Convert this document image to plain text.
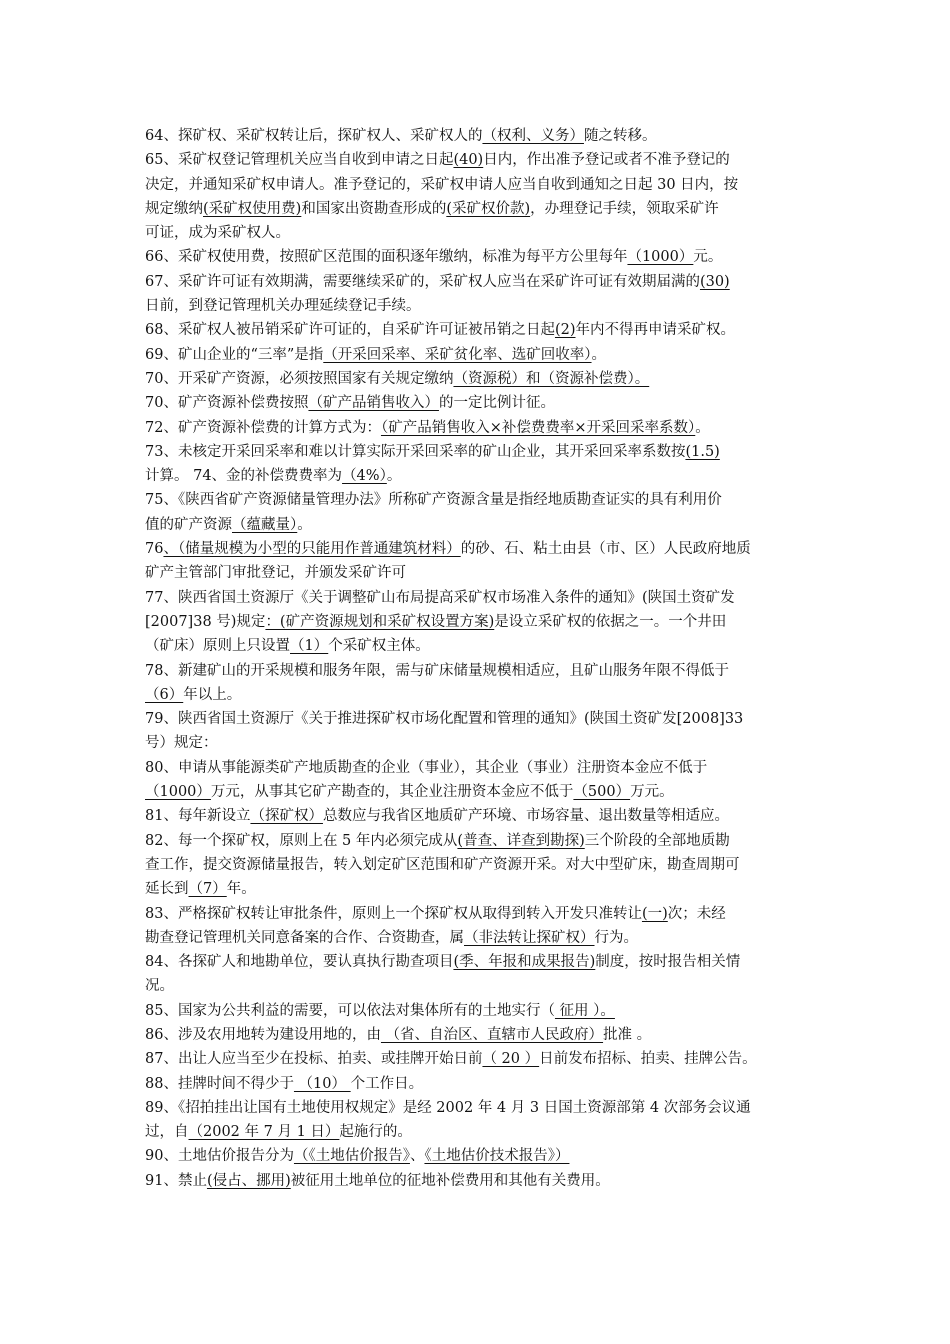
64、探矿权、采矿权转让后，探矿权人、采矿权人的（权利、义务）随之转移。
65、采矿权登记管理机关应当自收到申请之日起(40)日内，作出准予登记或者不准予登记的
决定，并通知采矿权申请人。准予登记的，采矿权申请人应当自收到通知之日起 30 日内，按
规定缴纳(采矿权使用费)和国家出资勘查形成的(采矿权价款)，办理登记手续，领取采矿许
可证，成为采矿权人。
66、采矿权使用费，按照矿区范围的面积逐年缴纳，标准为每平方公里每年（1000）元。
67、采矿许可证有效期满，需要继续采矿的，采矿权人应当在采矿许可证有效期届满的(30)
日前，到登记管理机关办理延续登记手续。
68、采矿权人被吊销采矿许可证的，自采矿许可证被吊销之日起(2)年内不得再申请采矿权。
69、矿山企业的“三率”是指（开采回采率、采矿贫化率、选矿回收率）。
70、开采矿产资源，必须按照国家有关规定缴纳（资源税）和（资源补偿费）。
70、矿产资源补偿费按照（矿产品销售收入）的一定比例计征。
72、矿产资源补偿费的计算方式为：（矿产品销售收入×补偿费费率×开采回采率系数）。
73、未核定开采回采率和难以计算实际开采回采率的矿山企业，其开采回采率系数按(1.5)
计算。 74、金的补偿费费率为（4%）。
75、《陕西省矿产资源储量管理办法》所称矿产资源含量是指经地质勘查证实的具有利用价
值的矿产资源（蕴藏量）。
76、（储量规模为小型的只能用作普通建筑材料）的砂、石、粘土由县（市、区）人民政府地质
矿产主管部门审批登记，并颁发采矿许可
77、陕西省国土资源厅《关于调整矿山布局提高采矿权市场准入条件的通知》(陕国土资矿发
[2007]38 号)规定：(矿产资源规划和采矿权设置方案)是设立采矿权的依据之一。一个井田
（矿床）原则上只设置（1）个采矿权主体。
78、新建矿山的开采规模和服务年限，需与矿床储量规模相适应，且矿山服务年限不得低于
（6）年以上。
79、陕西省国土资源厅《关于推进探矿权市场化配置和管理的通知》(陕国土资矿发[2008]33
号）规定：
80、申请从事能源类矿产地质勘查的企业（事业），其企业（事业）注册资本金应不低于
（1000）万元，从事其它矿产勘查的，其企业注册资本金应不低于（500）万元。
81、每年新设立（探矿权）总数应与我省区地质矿产环境、市场容量、退出数量等相适应。
82、每一个探矿权，原则上在 5 年内必须完成从(普查、详查到勘探)三个阶段的全部地质勘
查工作，提交资源储量报告，转入划定矿区范围和矿产资源开采。对大中型矿床，勘查周期可
延长到（7）年。
83、严格探矿权转让审批条件，原则上一个探矿权从取得到转入开发只准转让(一)次；未经
勘查登记管理机关同意备案的合作、合资勘查，属（非法转让探矿权）行为。
84、各探矿人和地勘单位，要认真执行勘查项目(季、年报和成果报告)制度，按时报告相关情
况。
85、国家为公共利益的需要，可以依法对集体所有的土地实行（ 征用 ）。
86、涉及农用地转为建设用地的，由 （省、自治区、直辖市人民政府）批准 。
87、出让人应当至少在投标、拍卖、或挂牌开始日前（ 20 ）日前发布招标、拍卖、挂牌公告。
88、挂牌时间不得少于 （10） 个工作日。
89、《招拍挂出让国有土地使用权规定》是经 2002 年 4 月 3 日国土资源部第 4 次部务会议通
过，自（2002 年 7 月 1 日）起施行的。
90、土地估价报告分为（《土地估价报告》、《土地估价技术报告》）
91、禁止(侵占、挪用)被征用土地单位的征地补偿费用和其他有关费用。
